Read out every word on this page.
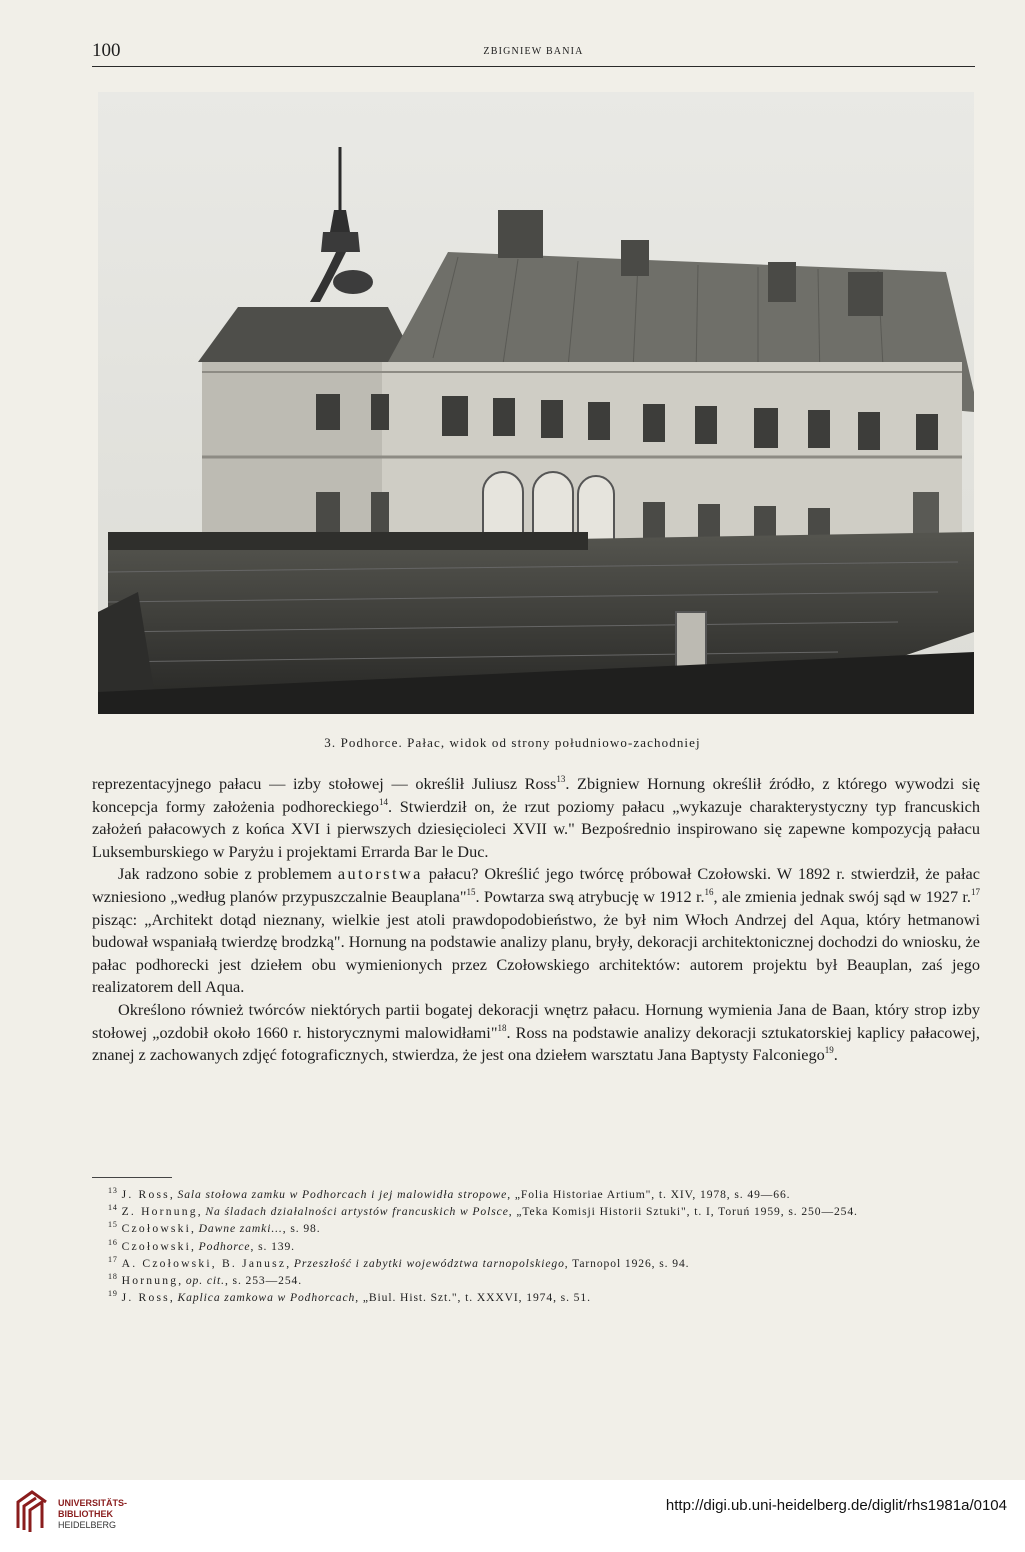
100	ZBIGNIEW BANIA
3. Podhorce. Pałac, widok od strony południowo-zachodniej

reprezentacyjnego pałacu — izby stołowej — określił Juliusz Ross$^{13}$. Zbigniew Hornung określił źródło, z którego wywodzi się koncepcja formy założenia podhoreckiego$^{14}$. Stwierdził on, że rzut poziomy pałacu „wykazuje charakterystyczny typ francuskich założeń pałacowych z końca XVI i pierwszych dziesięcioleci XVII w." Bezpośrednio inspirowano się zapewne kompozycją pałacu Luksemburskiego w Paryżu i projektami Errarda Bar le Duc.

Jak radzono sobie z problemem autorstwa pałacu? Określić jego twórcę próbował Czołowski. W 1892 r. stwierdził, że pałac wzniesiono „według planów przypuszczalnie Beauplana"$^{15}$. Powtarza swą atrybucję w 1912 r.$^{16}$, ale zmienia jednak swój sąd w 1927 r.$^{17}$ pisząc: „Architekt dotąd nieznany, wielkie jest atoli prawdopodobieństwo, że był nim Włoch Andrzej del Aqua, który hetmanowi budował wspaniałą twierdzę brodzką". Hornung na podstawie analizy planu, bryły, dekoracji architektonicznej dochodzi do wniosku, że pałac podhorecki jest dziełem obu wymienionych przez Czołowskiego architektów: autorem projektu był Beauplan, zaś jego realizatorem dell Aqua.

Określono również twórców niektórych partii bogatej dekoracji wnętrz pałacu. Hornung wymienia Jana de Baan, który strop izby stołowej „ozdobił około 1660 r. historycznymi malowidłami"$^{18}$. Ross na podstawie analizy dekoracji sztukatorskiej kaplicy pałacowej, znanej z zachowanych zdjęć fotograficznych, stwierdza, że jest ona dziełem warsztatu Jana Baptysty Falconiego$^{19}$.

$^{13}$ J. Ross, Sala stołowa zamku w Podhorcach i jej malowidła stropowe, „Folia Historiae Artium", t. XIV, 1978, s. 49—66.
$^{14}$ Z. Hornung, Na śladach działalności artystów francuskich w Polsce, „Teka Komisji Historii Sztuki", t. I, Toruń 1959, s. 250—254.
$^{15}$ Czołowski, Dawne zamki..., s. 98.
$^{16}$ Czołowski, Podhorce, s. 139.
$^{17}$ A. Czołowski, B. Janusz, Przeszłość i zabytki województwa tarnopolskiego, Tarnopol 1926, s. 94.
$^{18}$ Hornung, op. cit., s. 253—254.
$^{19}$ J. Ross, Kaplica zamkowa w Podhorcach, „Biul. Hist. Szt.", t. XXXVI, 1974, s. 51.
UNIVERSITÄTS-
BIBLIOTHEK
HEIDELBERG
http://digi.ub.uni-heidelberg.de/diglit/rhs1981a/0104
